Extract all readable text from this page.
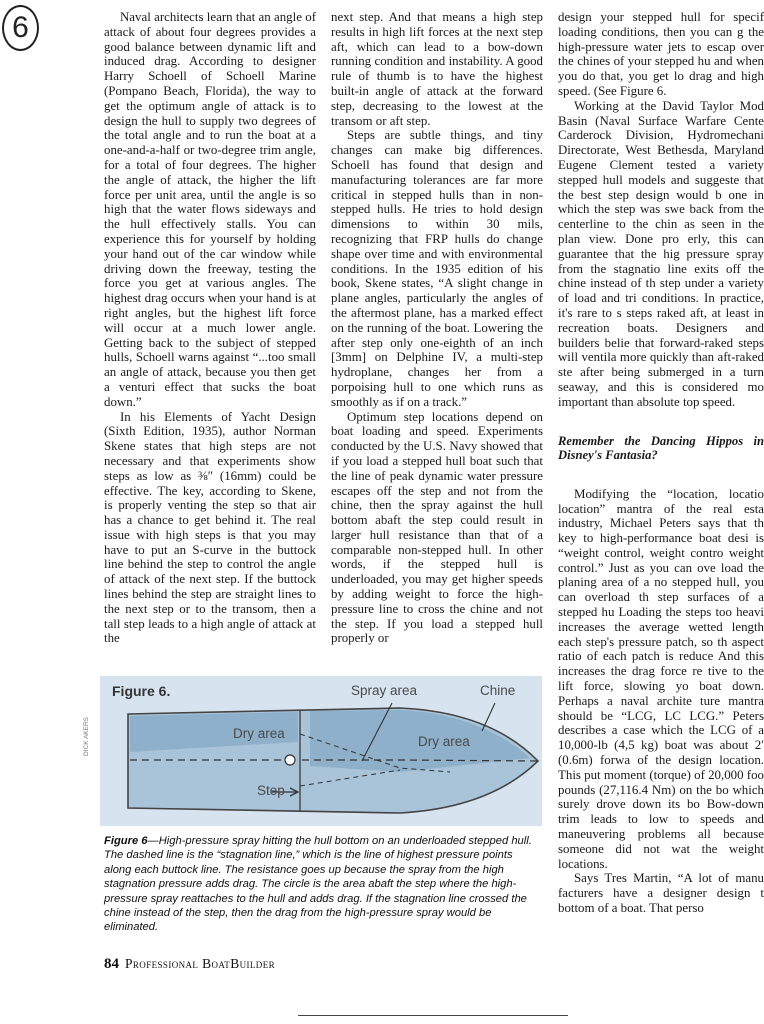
6	Naval architects learn that an angle of attack of about four degrees provides a good balance between dynamic lift and induced drag. According to designer Harry Schoell of Schoell Marine (Pompano Beach, Florida), the way to get the optimum angle of attack is to design the hull to supply two degrees of the total angle and to run the boat at a one-and-a-half or two-degree trim angle, for a total of four degrees. The higher the angle of attack, the higher the lift force per unit area, until the angle is so high that the water flows sideways and the hull effectively stalls. You can experience this for yourself by holding your hand out of the car window while driving down the freeway, testing the force you get at various angles. The highest drag occurs when your hand is at right angles, but the highest lift force will occur at a much lower angle. Getting back to the subject of stepped hulls, Schoell warns against “...too small an angle of attack, because you then get a venturi effect that sucks the boat down.”

In his Elements of Yacht Design (Sixth Edition, 1935), author Norman Skene states that high steps are not necessary and that experiments show steps as low as ⅜″ (16mm) could be effective. The key, according to Skene, is properly venting the step so that air has a chance to get behind it. The real issue with high steps is that you may have to put an S-curve in the buttock line behind the step to control the angle of attack of the next step. If the buttock lines behind the step are straight lines to the next step or to the transom, then a tall step leads to a high angle of attack at the

next step. And that means a high step results in high lift forces at the next step aft, which can lead to a bow-down running condition and instability. A good rule of thumb is to have the highest built-in angle of attack at the forward step, decreasing to the lowest at the transom or aft step.

Steps are subtle things, and tiny changes can make big differences. Schoell has found that design and manufacturing tolerances are far more critical in stepped hulls than in non-stepped hulls. He tries to hold design dimensions to within 30 mils, recognizing that FRP hulls do change shape over time and with environmental conditions. In the 1935 edition of his book, Skene states, “A slight change in plane angles, particularly the angles of the aftermost plane, has a marked effect on the running of the boat. Lowering the after step only one-eighth of an inch [3mm] on Delphine IV, a multi-step hydroplane, changes her from a porpoising hull to one which runs as smoothly as if on a track.”

Optimum step locations depend on boat loading and speed. Experiments conducted by the U.S. Navy showed that if you load a stepped hull boat such that the line of peak dynamic water pressure escapes off the step and not from the chine, then the spray against the hull bottom abaft the step could result in larger hull resistance than that of a comparable non-stepped hull. In other words, if the stepped hull is underloaded, you may get higher speeds by adding weight to force the high-pressure line to cross the chine and not the step. If you load a stepped hull properly or

design your stepped hull for specif loading conditions, then you can g the high-pressure water jets to escap over the chines of your stepped hu and when you do that, you get lo drag and high speed. (See Figure 6.

Working at the David Taylor Mod Basin (Naval Surface Warfare Cente Carderock Division, Hydromechani Directorate, West Bethesda, Maryland Eugene Clement tested a variety stepped hull models and suggeste that the best step design would b one in which the step was swe back from the centerline to the chin as seen in the plan view. Done pro erly, this can guarantee that the hig pressure spray from the stagnatio line exits off the chine instead of th step under a variety of load and tri conditions. In practice, it's rare to s steps raked aft, at least in recreation boats. Designers and builders belie that forward-raked steps will ventila more quickly than aft-raked ste after being submerged in a turn seaway, and this is considered mo important than absolute top speed.

Remember the Dancing Hippos in Disney's Fantasia?

Modifying the “location, locatio location” mantra of the real esta industry, Michael Peters says that th key to high-performance boat desi is “weight control, weight contro weight control.” Just as you can ove load the planing area of a no stepped hull, you can overload th step surfaces of a stepped hu Loading the steps too heavi increases the average wetted length each step's pressure patch, so th aspect ratio of each patch is reduce And this increases the drag force re tive to the lift force, slowing yo boat down. Perhaps a naval archite ture mantra should be “LCG, LC LCG.” Peters describes a case which the LCG of a 10,000-lb (4,5 kg) boat was about 2′ (0.6m) forwa of the design location. This put moment (torque) of 20,000 foo pounds (27,116.4 Nm) on the bo which surely drove down its bo Bow-down trim leads to low to speeds and maneuvering problems all because someone did not wat the weight locations.

Says Tres Martin, “A lot of manu facturers have a designer design t bottom of a boat. That perso

Figure 6.	Spray area	Chine
Dry area
Dry area
Step
DICK AKERS
Figure 6—High-pressure spray hitting the hull bottom on an underloaded stepped hull. The dashed line is the “stagnation line,” which is the line of highest pressure points along each buttock line. The resistance goes up because the spray from the high stagnation pressure adds drag. The circle is the area abaft the step where the high-pressure spray reattaches to the hull and adds drag. If the stagnation line crossed the chine instead of the step, then the drag from the high-pressure spray would be eliminated.
84 Professional BoatBuilder
